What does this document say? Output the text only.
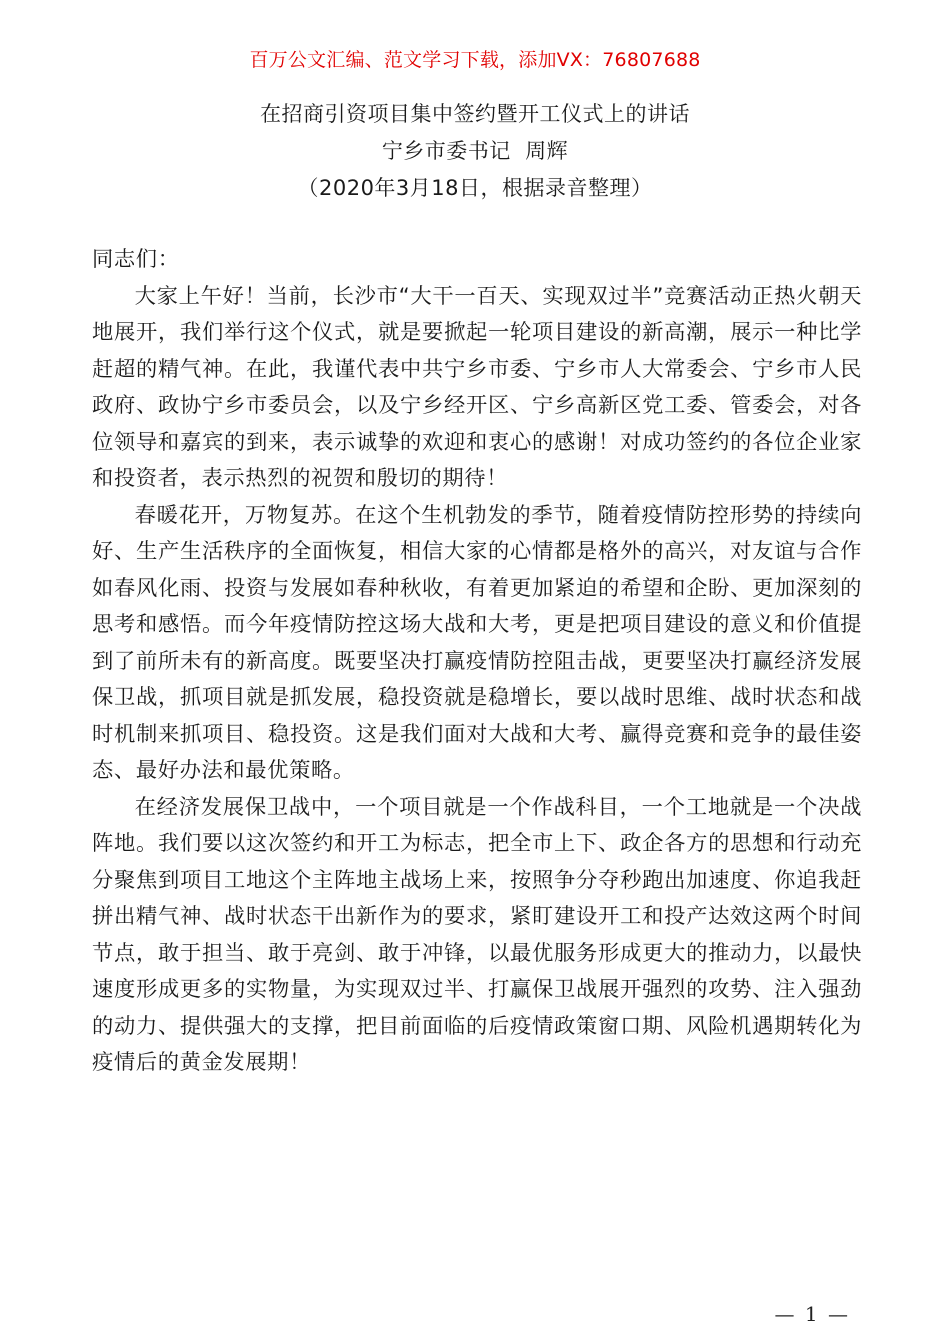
百万公文汇编、范文学习下载，添加VX：76807688
在招商引资项目集中签约暨开工仪式上的讲话
宁乡市委书记  周辉
（2020年3月18日，根据录音整理）

同志们：

大家上午好！当前，长沙市“大干一百天、实现双过半”竞赛活动正热火朝天地展开，我们举行这个仪式，就是要掀起一轮项目建设的新高潮，展示一种比学赶超的精气神。在此，我谨代表中共宁乡市委、宁乡市人大常委会、宁乡市人民政府、政协宁乡市委员会，以及宁乡经开区、宁乡高新区党工委、管委会，对各位领导和嘉宾的到来，表示诚挚的欢迎和衷心的感谢！对成功签约的各位企业家和投资者，表示热烈的祝贺和殷切的期待！

春暖花开，万物复苏。在这个生机勃发的季节，随着疫情防控形势的持续向好、生产生活秩序的全面恢复，相信大家的心情都是格外的高兴，对友谊与合作如春风化雨、投资与发展如春种秋收，有着更加紧迫的希望和企盼、更加深刻的思考和感悟。而今年疫情防控这场大战和大考，更是把项目建设的意义和价值提到了前所未有的新高度。既要坚决打赢疫情防控阻击战，更要坚决打赢经济发展保卫战，抓项目就是抓发展，稳投资就是稳增长，要以战时思维、战时状态和战时机制来抓项目、稳投资。这是我们面对大战和大考、赢得竞赛和竞争的最佳姿态、最好办法和最优策略。

在经济发展保卫战中，一个项目就是一个作战科目，一个工地就是一个决战阵地。我们要以这次签约和开工为标志，把全市上下、政企各方的思想和行动充分聚焦到项目工地这个主阵地主战场上来，按照争分夺秒跑出加速度、你追我赶拼出精气神、战时状态干出新作为的要求，紧盯建设开工和投产达效这两个时间节点，敢于担当、敢于亮剑、敢于冲锋，以最优服务形成更大的推动力，以最快速度形成更多的实物量，为实现双过半、打赢保卫战展开强烈的攻势、注入强劲的动力、提供强大的支撑，把目前面临的后疫情政策窗口期、风险机遇期转化为疫情后的黄金发展期！

— 1 —
